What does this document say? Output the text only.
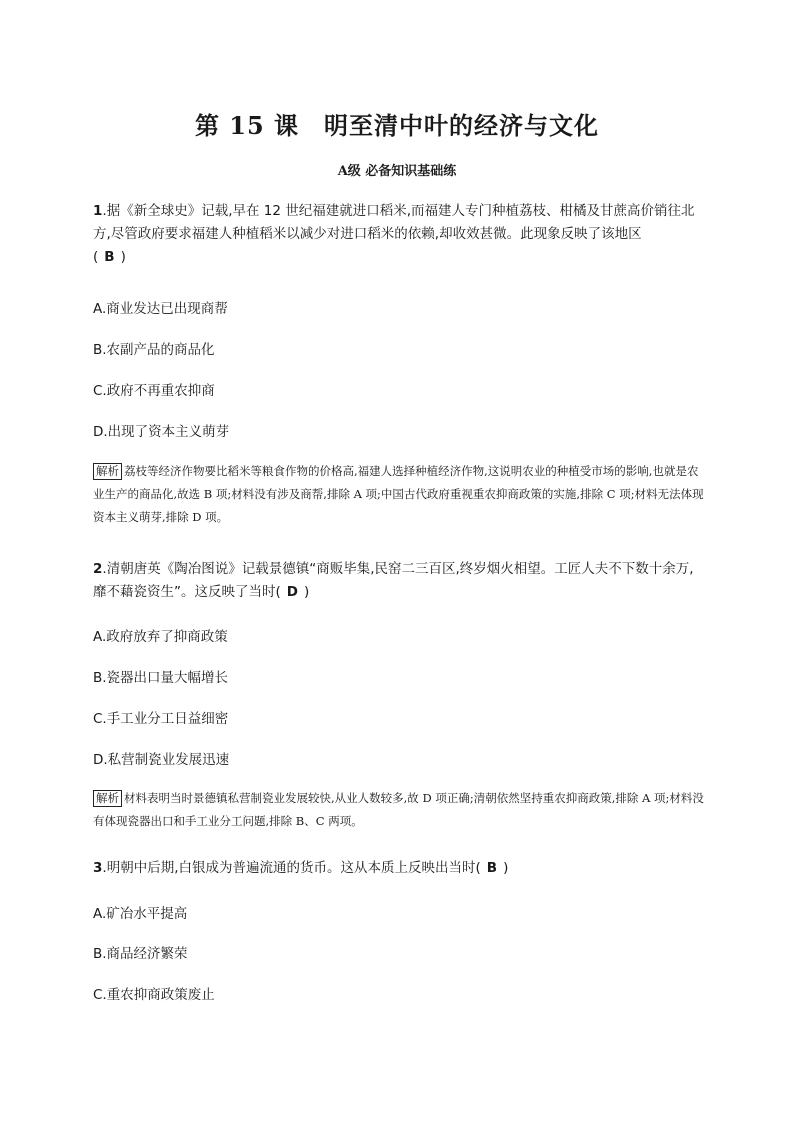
第 15 课　明至清中叶的经济与文化
A级 必备知识基础练
1.据《新全球史》记载,早在 12 世纪福建就进口稻米,而福建人专门种植荔枝、柑橘及甘蔗高价销往北方,尽管政府要求福建人种植稻米以减少对进口稻米的依赖,却收效甚微。此现象反映了该地区
( B )
A.商业发达已出现商帮
B.农副产品的商品化
C.政府不再重农抑商
D.出现了资本主义萌芽
解析 荔枝等经济作物要比稻米等粮食作物的价格高,福建人选择种植经济作物,这说明农业的种植受市场的影响,也就是农业生产的商品化,故选 B 项;材料没有涉及商帮,排除 A 项;中国古代政府重视重农抑商政策的实施,排除 C 项;材料无法体现资本主义萌芽,排除 D 项。
2.清朝唐英《陶冶图说》记载景德镇“商贩毕集,民窑二三百区,终岁烟火相望。工匠人夫不下数十余万,靡不藉瓷资生”。这反映了当时( D )
A.政府放弃了抑商政策
B.瓷器出口量大幅增长
C.手工业分工日益细密
D.私营制瓷业发展迅速
解析 材料表明当时景德镇私营制瓷业发展较快,从业人数较多,故 D 项正确;清朝依然坚持重农抑商政策,排除 A 项;材料没有体现瓷器出口和手工业分工问题,排除 B、C 两项。
3.明朝中后期,白银成为普遍流通的货币。这从本质上反映出当时( B )
A.矿冶水平提高
B.商品经济繁荣
C.重农抑商政策废止
